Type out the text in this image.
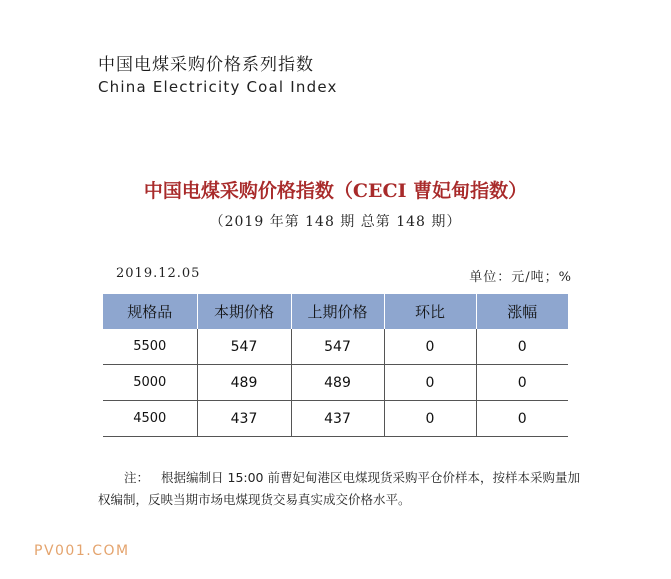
中国电煤采购价格系列指数
China Electricity Coal Index
中国电煤采购价格指数（CECI 曹妃甸指数）
（2019 年第 148 期 总第 148 期）
2019.12.05	单位：元/吨；%
规格品	本期价格	上期价格	环比	涨幅
5500	547	547	0	0
5000	489	489	0	0
4500	437	437	0	0
注： 根据编制日 15:00 前曹妃甸港区电煤现货采购平仓价样本，按样本采购量加权编制，反映当期市场电煤现货交易真实成交价格水平。
PV001.COM
